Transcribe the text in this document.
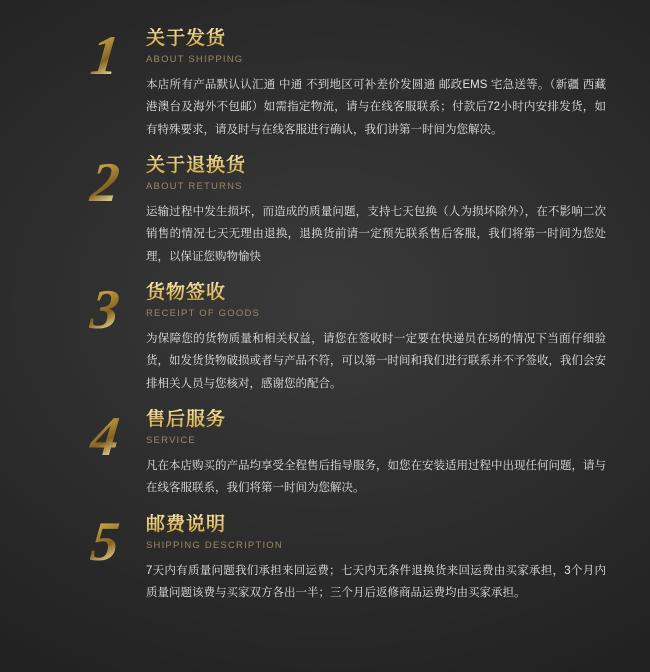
1	关于发货
ABOUT SHIPPING
本店所有产品默认认汇通 中通 不到地区可补差价发圆通 邮政EMS 宅急送等。（新疆 西藏 港澳台及海外不包邮）如需指定物流，请与在线客服联系；付款后72小时内安排发货，如有特殊要求，请及时与在线客服进行确认，我们讲第一时间为您解决。
2	关于退换货
ABOUT RETURNS
运输过程中发生损坏，而造成的质量问题，支持七天包换（人为损坏除外），在不影响二次销售的情况七天无理由退换，退换货前请一定预先联系售后客服，我们将第一时间为您处理，以保证您购物愉快
3	货物签收
RECEIPT OF GOODS
为保障您的货物质量和相关权益，请您在签收时一定要在快递员在场的情况下当面仔细验货，如发货货物破损或者与产品不符，可以第一时间和我们进行联系并不予签收，我们会安排相关人员与您核对，感谢您的配合。
4	售后服务
SERVICE
凡在本店购买的产品均享受全程售后指导服务，如您在安装适用过程中出现任何问题，请与在线客服联系，我们将第一时间为您解决。
5	邮费说明
SHIPPING DESCRIPTION
7天内有质量问题我们承担来回运费；七天内无条件退换货来回运费由买家承担，3个月内质量问题该费与买家双方各出一半；三个月后返修商品运费均由买家承担。
